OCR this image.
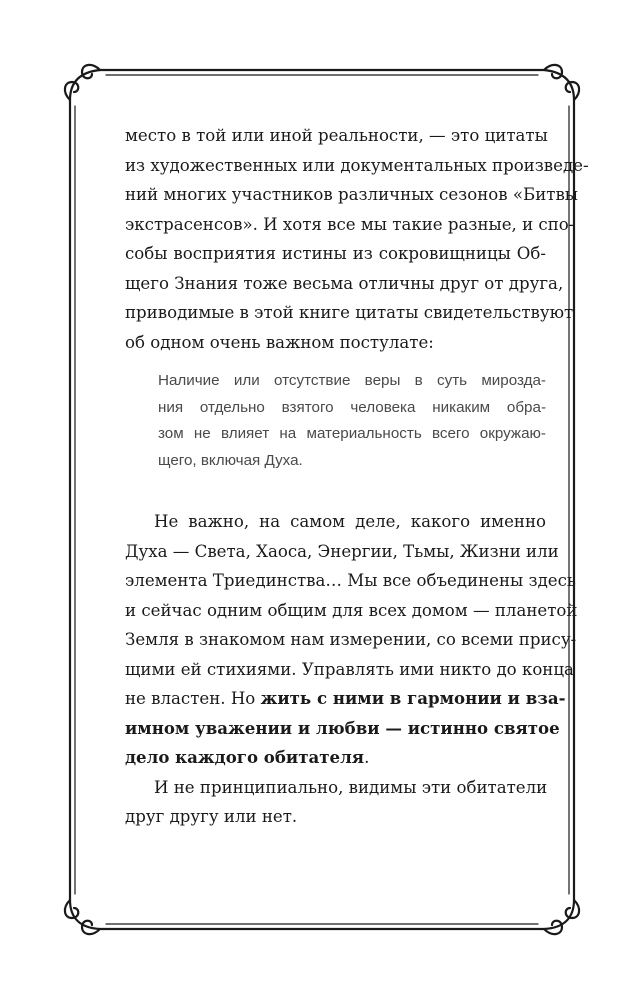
место в той или иной реальности, — это цитаты
из художественных или документальных произведе-
ний многих участников различных сезонов «Битвы
экстрасенсов». И хотя все мы такие разные, и спо-
собы восприятия истины из сокровищницы Об-
щего Знания тоже весьма отличны друг от друга,
приводимые в этой книге цитаты свидетельствуют
об одном очень важном постулате:
Наличие или отсутствие веры в суть мироздa-
ния отдельно взятого человека никаким обра-
зом не влияет на материальность всего окружаю-
щего, включая Духа.
Не важно, на самом деле, какого именно
Духа — Света, Хаоса, Энергии, Тьмы, Жизни или
элемента Триединства… Мы все объединены здесь
и сейчас одним общим для всех домом — планетой
Земля в знакомом нам измерении, со всеми прису-
щими ей стихиями. Управлять ими никто до конца
не властен. Но жить с ними в гармонии и вза-
имном уважении и любви — истинно святое
дело каждого обитателя.
И не принципиально, видимы эти обитатели
друг другу или нет.
